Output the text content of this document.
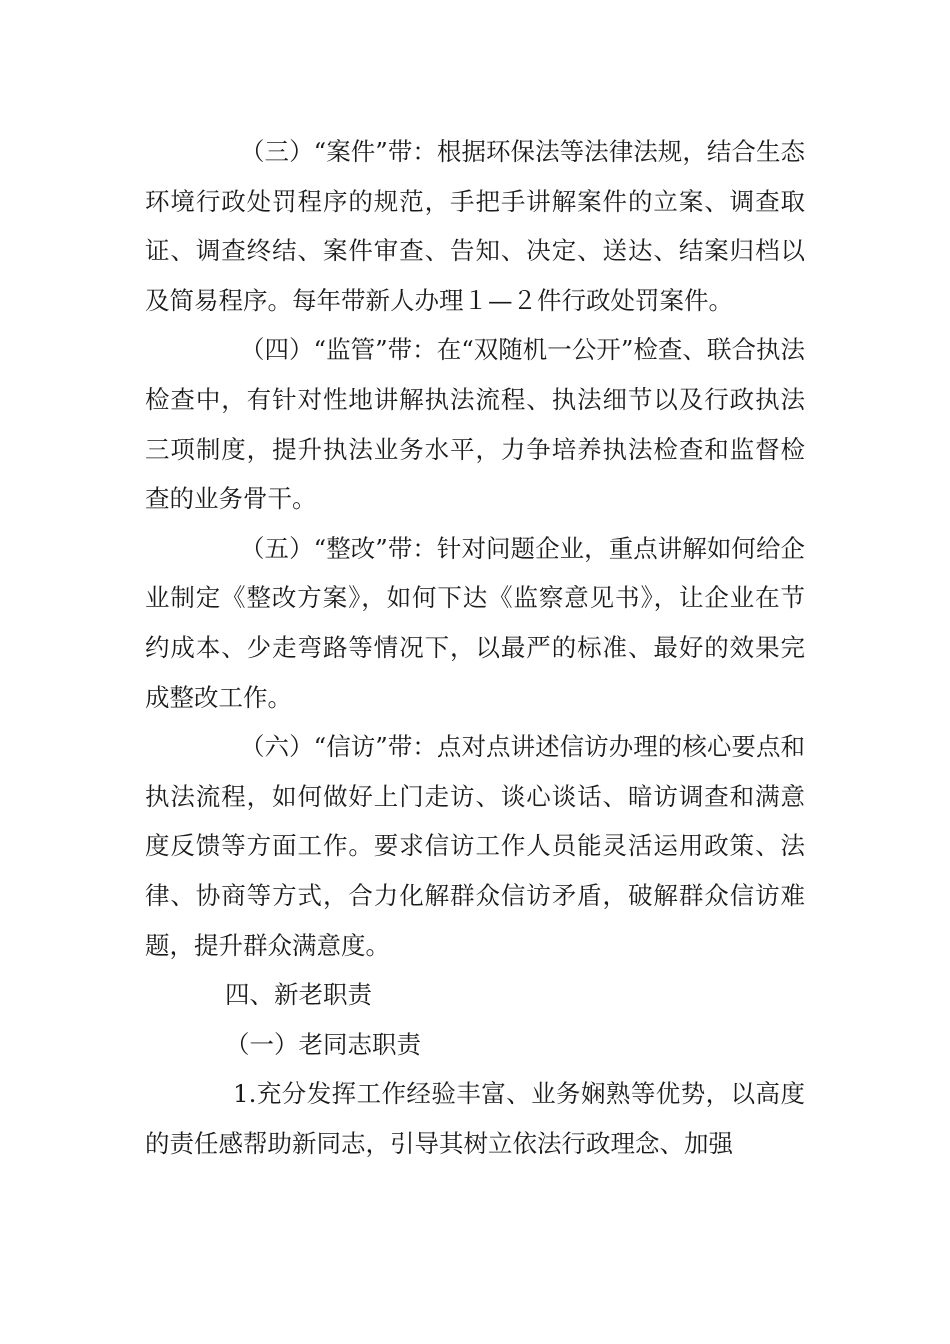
（三）“案件”带：根据环保法等法律法规，结合生态环境行政处罚程序的规范，手把手讲解案件的立案、调查取证、调查终结、案件审查、告知、决定、送达、结案归档以及简易程序。每年带新人办理１—２件行政处罚案件。

（四）“监管”带：在“双随机一公开”检查、联合执法检查中，有针对性地讲解执法流程、执法细节以及行政执法三项制度，提升执法业务水平，力争培养执法检查和监督检查的业务骨干。

（五）“整改”带：针对问题企业，重点讲解如何给企业制定《整改方案》，如何下达《监察意见书》，让企业在节约成本、少走弯路等情况下，以最严的标准、最好的效果完成整改工作。

（六）“信访”带：点对点讲述信访办理的核心要点和执法流程，如何做好上门走访、谈心谈话、暗访调查和满意度反馈等方面工作。要求信访工作人员能灵活运用政策、法律、协商等方式，合力化解群众信访矛盾，破解群众信访难题，提升群众满意度。

四、新老职责

（一）老同志职责

1.充分发挥工作经验丰富、业务娴熟等优势，以高度的责任感帮助新同志，引导其树立依法行政理念、加强
